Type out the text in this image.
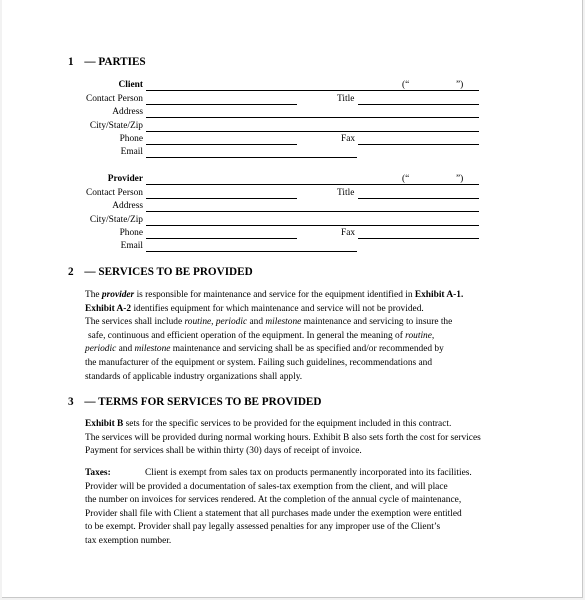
1 — PARTIES
Client	(“	”)
Contact Person	Title
Address
City/State/Zip
Phone	Fax
Email
Provider	(“	”)
Contact Person	Title
Address
City/State/Zip
Phone	Fax
Email
2 — SERVICES TO BE PROVIDED
The provider is responsible for maintenance and service for the equipment identified in Exhibit A-1.
Exhibit A-2 identifies equipment for which maintenance and service will not be provided.
The services shall include routine, periodic and milestone maintenance and servicing to insure the
safe, continuous and efficient operation of the equipment. In general the meaning of routine,
periodic and milestone maintenance and servicing shall be as specified and/or recommended by
the manufacturer of the equipment or system. Failing such guidelines, recommendations and
standards of applicable industry organizations shall apply.
3 — TERMS FOR SERVICES TO BE PROVIDED
Exhibit B sets for the specific services to be provided for the equipment included in this contract.
The services will be provided during normal working hours. Exhibit B also sets forth the cost for services
Payment for services shall be within thirty (30) days of receipt of invoice.
Taxes:	Client is exempt from sales tax on products permanently incorporated into its facilities.
Provider will be provided a documentation of sales-tax exemption from the client, and will place
the number on invoices for services rendered. At the completion of the annual cycle of maintenance,
Provider shall file with Client a statement that all purchases made under the exemption were entitled
to be exempt. Provider shall pay legally assessed penalties for any improper use of the Client’s
tax exemption number.
